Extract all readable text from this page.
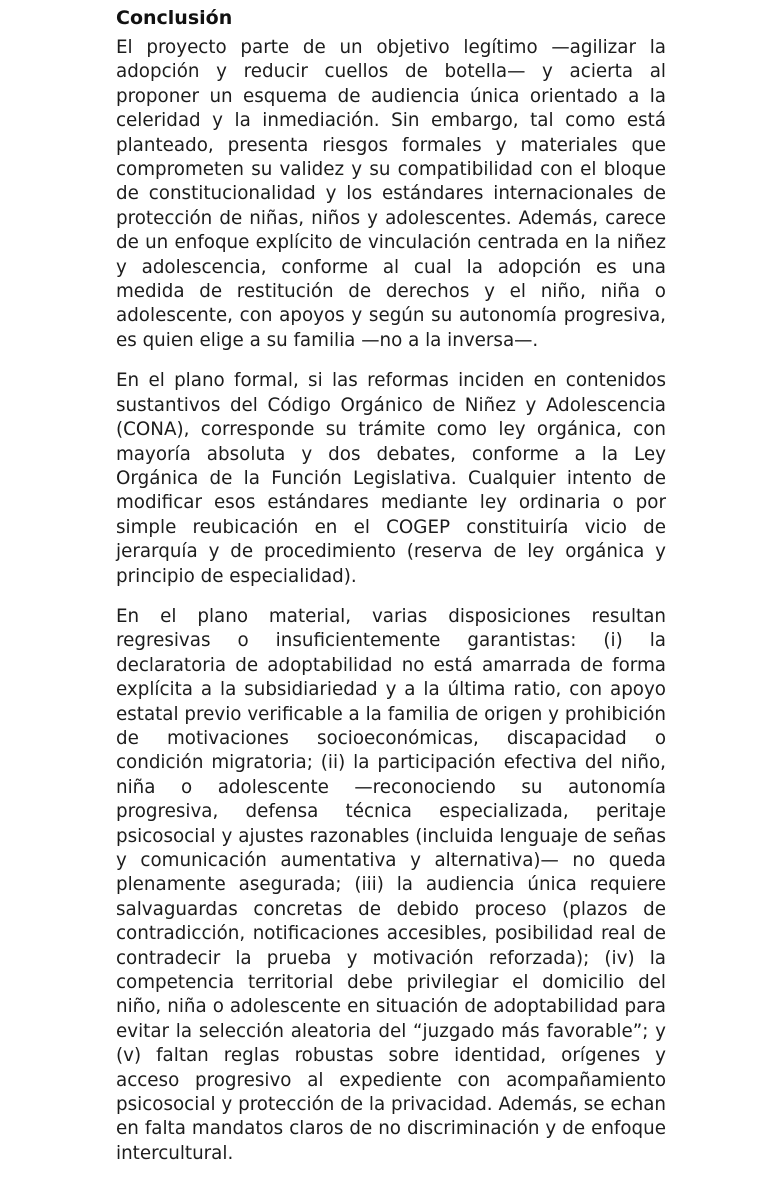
Conclusión

El proyecto parte de un objetivo legítimo —agilizar la adopción y reducir cuellos de botella— y acierta al proponer un esquema de audiencia única orientado a la celeridad y la inmediación. Sin embargo, tal como está planteado, presenta riesgos formales y materiales que comprometen su validez y su compatibilidad con el bloque de constitucionalidad y los estándares internacionales de protección de niñas, niños y adolescentes. Además, carece de un enfoque explícito de vinculación centrada en la niñez y adolescencia, conforme al cual la adopción es una medida de restitución de derechos y el niño, niña o adolescente, con apoyos y según su autonomía progresiva, es quien elige a su familia —no a la inversa—.

En el plano formal, si las reformas inciden en contenidos sustantivos del Código Orgánico de Niñez y Adolescencia (CONA), corresponde su trámite como ley orgánica, con mayoría absoluta y dos debates, conforme a la Ley Orgánica de la Función Legislativa. Cualquier intento de modificar esos estándares mediante ley ordinaria o por simple reubicación en el COGEP constituiría vicio de jerarquía y de procedimiento (reserva de ley orgánica y principio de especialidad).

En el plano material, varias disposiciones resultan regresivas o insuficientemente garantistas: (i) la declaratoria de adoptabilidad no está amarrada de forma explícita a la subsidiariedad y a la última ratio, con apoyo estatal previo verificable a la familia de origen y prohibición de motivaciones socioeconómicas, discapacidad o condición migratoria; (ii) la participación efectiva del niño, niña o adolescente —reconociendo su autonomía progresiva, defensa técnica especializada, peritaje psicosocial y ajustes razonables (incluida lenguaje de señas y comunicación aumentativa y alternativa)— no queda plenamente asegurada; (iii) la audiencia única requiere salvaguardas concretas de debido proceso (plazos de contradicción, notificaciones accesibles, posibilidad real de contradecir la prueba y motivación reforzada); (iv) la competencia territorial debe privilegiar el domicilio del niño, niña o adolescente en situación de adoptabilidad para evitar la selección aleatoria del “juzgado más favorable”; y (v) faltan reglas robustas sobre identidad, orígenes y acceso progresivo al expediente con acompañamiento psicosocial y protección de la privacidad. Además, se echan en falta mandatos claros de no discriminación y de enfoque intercultural.
